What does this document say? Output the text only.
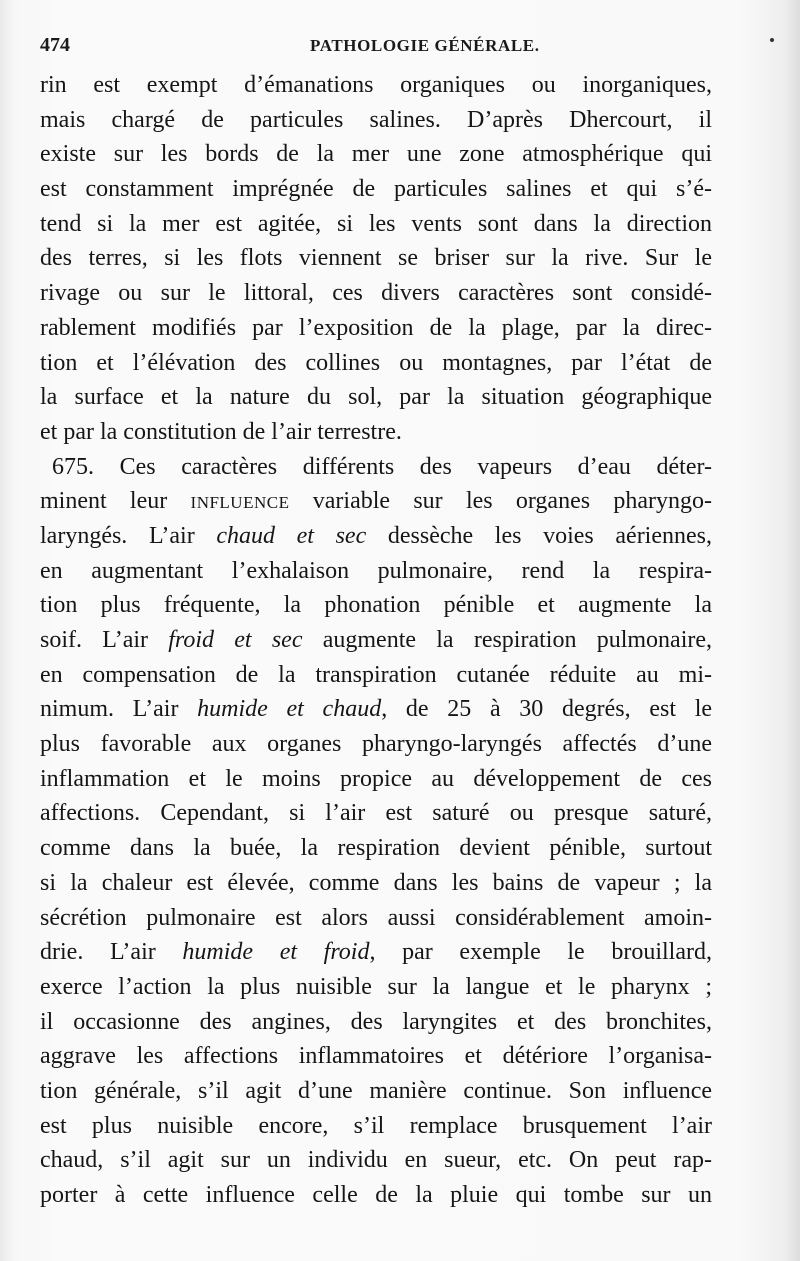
474	PATHOLOGIE GÉNÉRALE.
rin est exempt d’émanations organiques ou inorganiques,
mais chargé de particules salines. D’après Dhercourt, il
existe sur les bords de la mer une zone atmosphérique qui
est constamment imprégnée de particules salines et qui s’é-
tend si la mer est agitée, si les vents sont dans la direction
des terres, si les flots viennent se briser sur la rive. Sur le
rivage ou sur le littoral, ces divers caractères sont considé-
rablement modifiés par l’exposition de la plage, par la direc-
tion et l’élévation des collines ou montagnes, par l’état de
la surface et la nature du sol, par la situation géographique
et par la constitution de l’air terrestre.
675. Ces caractères différents des vapeurs d’eau déter-
minent leur influence variable sur les organes pharyngo-
laryngés. L’air chaud et sec dessèche les voies aériennes,
en augmentant l’exhalaison pulmonaire, rend la respira-
tion plus fréquente, la phonation pénible et augmente la
soif. L’air froid et sec augmente la respiration pulmonaire,
en compensation de la transpiration cutanée réduite au mi-
nimum. L’air humide et chaud, de 25 à 30 degrés, est le
plus favorable aux organes pharyngo-laryngés affectés d’une
inflammation et le moins propice au développement de ces
affections. Cependant, si l’air est saturé ou presque saturé,
comme dans la buée, la respiration devient pénible, surtout
si la chaleur est élevée, comme dans les bains de vapeur ; la
sécrétion pulmonaire est alors aussi considérablement amoin-
drie. L’air humide et froid, par exemple le brouillard,
exerce l’action la plus nuisible sur la langue et le pharynx ;
il occasionne des angines, des laryngites et des bronchites,
aggrave les affections inflammatoires et détériore l’organisa-
tion générale, s’il agit d’une manière continue. Son influence
est plus nuisible encore, s’il remplace brusquement l’air
chaud, s’il agit sur un individu en sueur, etc. On peut rap-
porter à cette influence celle de la pluie qui tombe sur un
